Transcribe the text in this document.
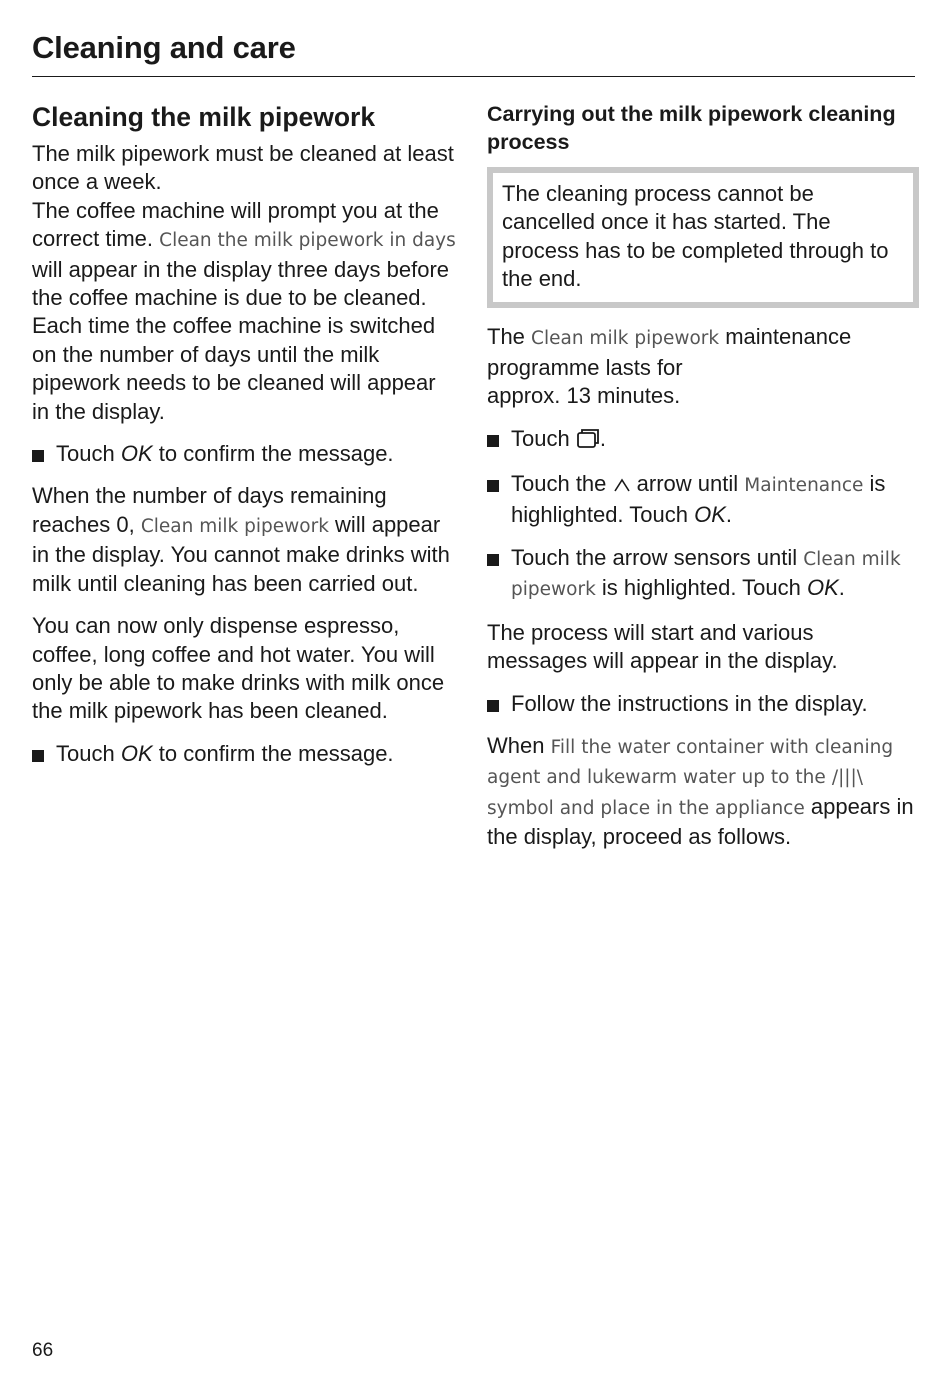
Cleaning and care
Cleaning the milk pipework

The milk pipework must be cleaned at least once a week.

The coffee machine will prompt you at the correct time. Clean the milk pipework in days will appear in the display three days before the coffee machine is due to be cleaned. Each time the coffee machine is switched on the number of days until the milk pipework needs to be cleaned will appear in the display.

Touch OK to confirm the message.

When the number of days remaining reaches 0, Clean milk pipework will appear in the display. You cannot make drinks with milk until cleaning has been carried out.

You can now only dispense espresso, coffee, long coffee and hot water. You will only be able to make drinks with milk once the milk pipework has been cleaned.

Touch OK to confirm the message.
Carrying out the milk pipework cleaning process
The cleaning process cannot be cancelled once it has started. The process has to be completed through to the end.

The Clean milk pipework maintenance programme lasts for
approx. 13 minutes.

Touch .
Touch the arrow until Maintenance is highlighted. Touch OK.
Touch the arrow sensors until Clean milk pipework is highlighted. Touch OK.

The process will start and various messages will appear in the display.

Follow the instructions in the display.

When Fill the water container with cleaning agent and lukewarm water up to the /|||\ symbol and place in the appliance appears in the display, proceed as follows.

66
